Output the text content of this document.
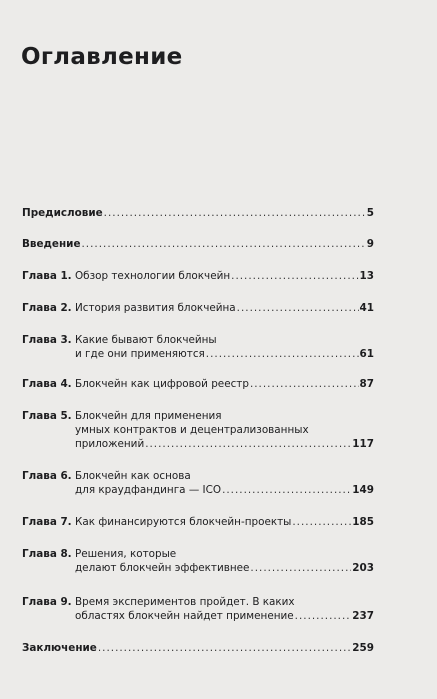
Оглавление
Предисловие .....	5
Введение .....	9
Глава 1. Обзор технологии блокчейн .....	13
Глава 2. История развития блокчейна .....	41
Глава 3. Какие бывают блокчейны
и где они применяются .....	61
Глава 4. Блокчейн как цифровой реестр .....	87
Глава 5. Блокчейн для применения
умных контрактов и децентрализованных
приложений .....	117
Глава 6. Блокчейн как основа
для краудфандинга — ICO .....	149
Глава 7. Как финансируются блокчейн-проекты .....	185
Глава 8. Решения, которые
делают блокчейн эффективнее .....	203
Глава 9. Время экспериментов пройдет. В каких
областях блокчейн найдет применение .....	237
Заключение .....	259
